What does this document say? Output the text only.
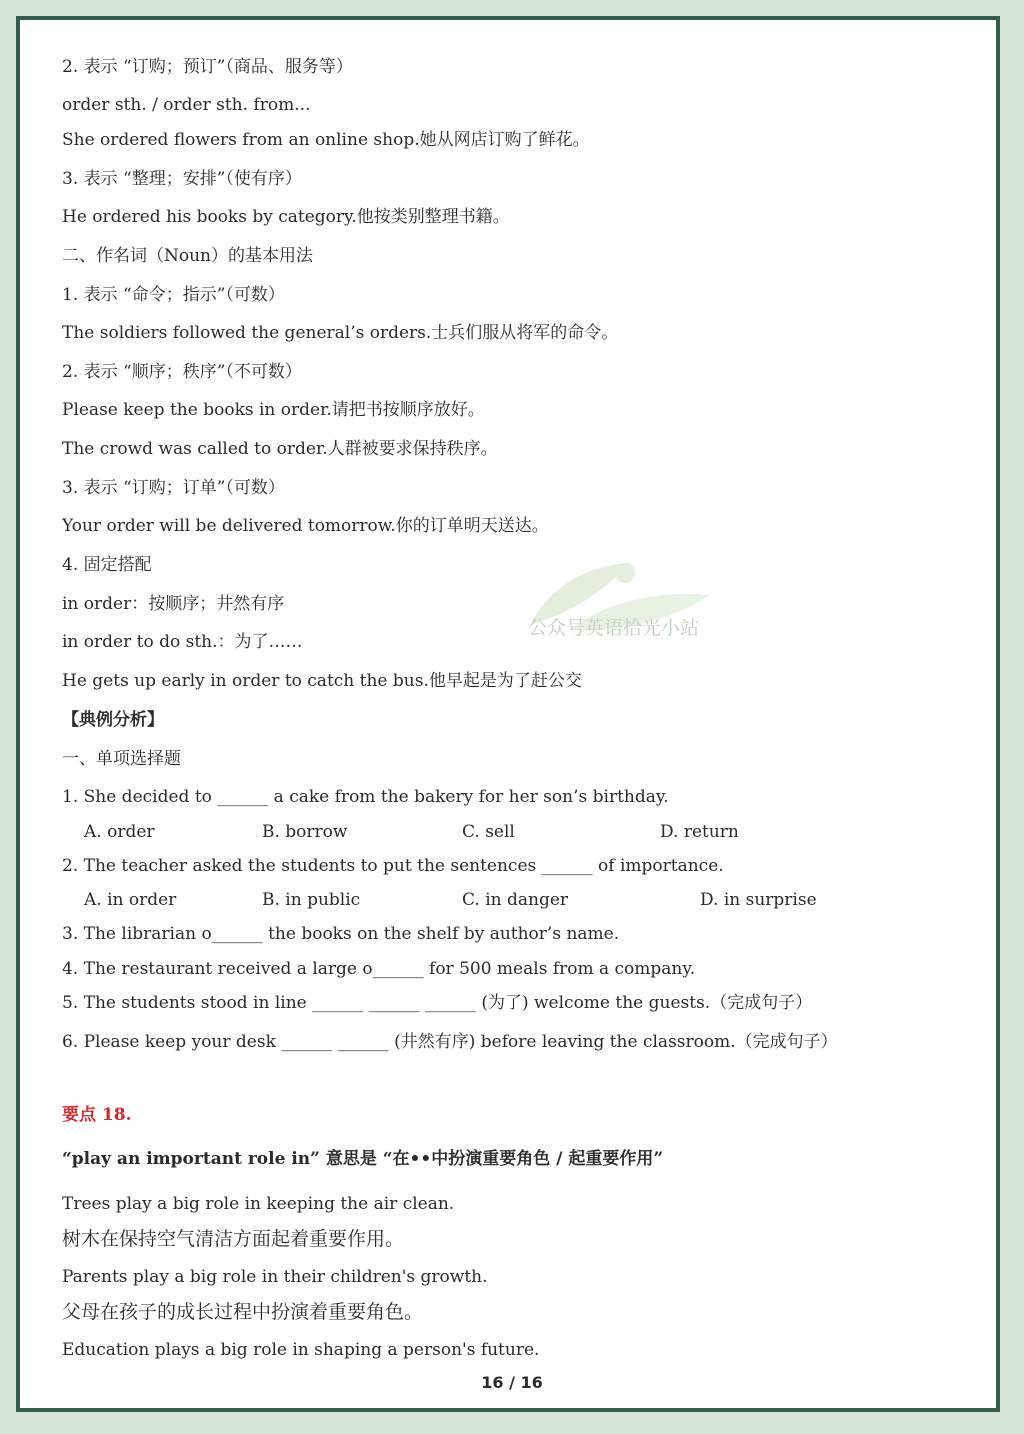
2. 表示 “订购；预订”（商品、服务等）
order sth. / order sth. from...
She ordered flowers from an online shop.她从网店订购了鲜花。
3. 表示 “整理；安排”（使有序）
He ordered his books by category.他按类别整理书籍。
二、作名词（Noun）的基本用法
1. 表示 “命令；指示”（可数）
The soldiers followed the general’s orders.士兵们服从将军的命令。
2. 表示 “顺序；秩序”（不可数）
Please keep the books in order.请把书按顺序放好。
The crowd was called to order.人群被要求保持秩序。
3. 表示 “订购；订单”（可数）
Your order will be delivered tomorrow.你的订单明天送达。
4. 固定搭配
in order：按顺序；井然有序
in order to do sth.：为了……
He gets up early in order to catch the bus.他早起是为了赶公交
公众号英语拾光小站
【典例分析】
一、单项选择题
1. She decided to ______ a cake from the bakery for her son’s birthday.
A. order	B. borrow	C. sell	D. return
2. The teacher asked the students to put the sentences ______ of importance.
A. in order	B. in public	C. in danger	D. in surprise
3. The librarian o______ the books on the shelf by author’s name.
4. The restaurant received a large o______ for 500 meals from a company.
5. The students stood in line ______ ______ ______ (为了) welcome the guests.（完成句子）
6. Please keep your desk ______ ______ (井然有序) before leaving the classroom.（完成句子）
要点 18.
“play an important role in” 意思是 “在••中扮演重要角色 / 起重要作用”
Trees play a big role in keeping the air clean.
树木在保持空气清洁方面起着重要作用。
Parents play a big role in their children's growth.
父母在孩子的成长过程中扮演着重要角色。
Education plays a big role in shaping a person's future.
16 / 16
